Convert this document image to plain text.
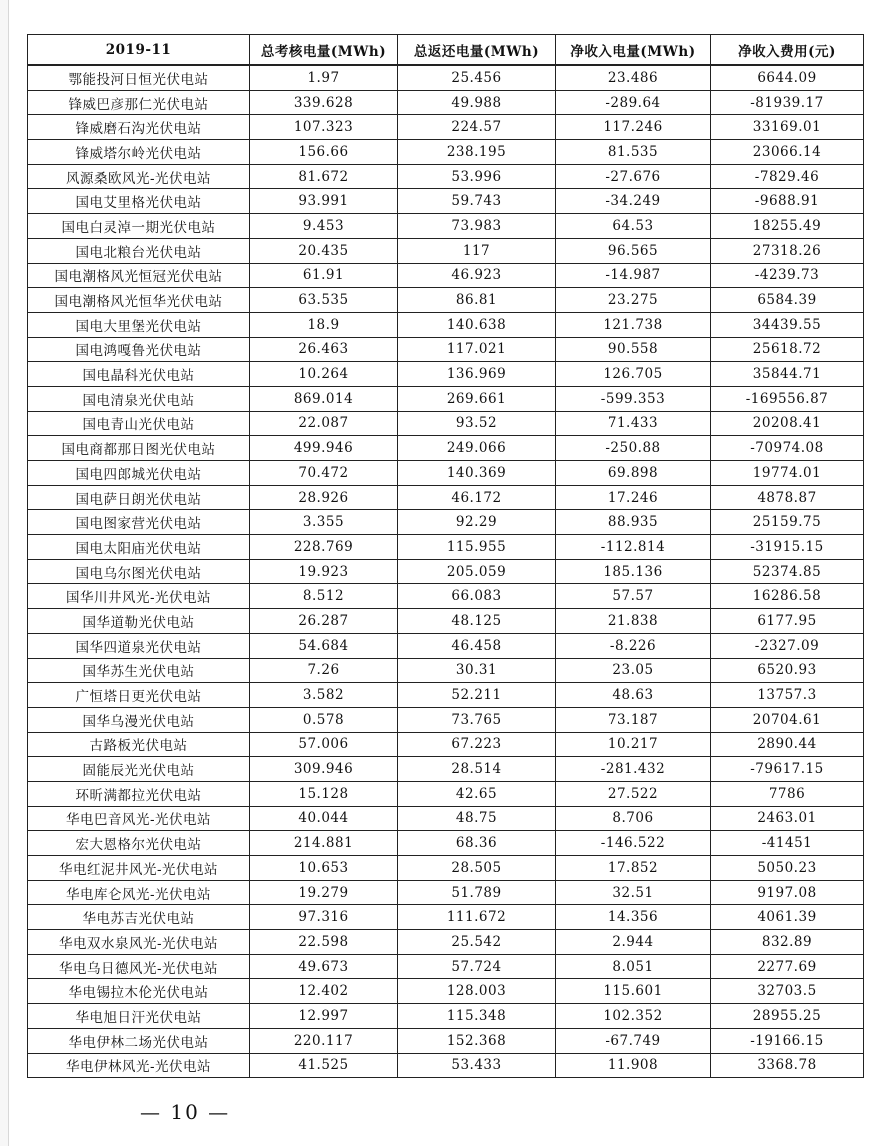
2019-11	总考核电量(MWh)	总返还电量(MWh)	净收入电量(MWh)	净收入费用(元)
鄂能投河日恒光伏电站	1.97	25.456	23.486	6644.09
锋威巴彦那仁光伏电站	339.628	49.988	-289.64	-81939.17
锋威磨石沟光伏电站	107.323	224.57	117.246	33169.01
锋威塔尔岭光伏电站	156.66	238.195	81.535	23066.14
风源桑欧风光-光伏电站	81.672	53.996	-27.676	-7829.46
国电艾里格光伏电站	93.991	59.743	-34.249	-9688.91
国电白灵淖一期光伏电站	9.453	73.983	64.53	18255.49
国电北粮台光伏电站	20.435	117	96.565	27318.26
国电潮格风光恒冠光伏电站	61.91	46.923	-14.987	-4239.73
国电潮格风光恒华光伏电站	63.535	86.81	23.275	6584.39
国电大里堡光伏电站	18.9	140.638	121.738	34439.55
国电鸿嘎鲁光伏电站	26.463	117.021	90.558	25618.72
国电晶科光伏电站	10.264	136.969	126.705	35844.71
国电清泉光伏电站	869.014	269.661	-599.353	-169556.87
国电青山光伏电站	22.087	93.52	71.433	20208.41
国电商都那日图光伏电站	499.946	249.066	-250.88	-70974.08
国电四郎城光伏电站	70.472	140.369	69.898	19774.01
国电萨日朗光伏电站	28.926	46.172	17.246	4878.87
国电图家营光伏电站	3.355	92.29	88.935	25159.75
国电太阳庙光伏电站	228.769	115.955	-112.814	-31915.15
国电乌尔图光伏电站	19.923	205.059	185.136	52374.85
国华川井风光-光伏电站	8.512	66.083	57.57	16286.58
国华道勒光伏电站	26.287	48.125	21.838	6177.95
国华四道泉光伏电站	54.684	46.458	-8.226	-2327.09
国华苏生光伏电站	7.26	30.31	23.05	6520.93
广恒塔日更光伏电站	3.582	52.211	48.63	13757.3
国华乌漫光伏电站	0.578	73.765	73.187	20704.61
古路板光伏电站	57.006	67.223	10.217	2890.44
固能辰光光伏电站	309.946	28.514	-281.432	-79617.15
环昕满都拉光伏电站	15.128	42.65	27.522	7786
华电巴音风光-光伏电站	40.044	48.75	8.706	2463.01
宏大恩格尔光伏电站	214.881	68.36	-146.522	-41451
华电红泥井风光-光伏电站	10.653	28.505	17.852	5050.23
华电库仑风光-光伏电站	19.279	51.789	32.51	9197.08
华电苏吉光伏电站	97.316	111.672	14.356	4061.39
华电双水泉风光-光伏电站	22.598	25.542	2.944	832.89
华电乌日德风光-光伏电站	49.673	57.724	8.051	2277.69
华电锡拉木伦光伏电站	12.402	128.003	115.601	32703.5
华电旭日汗光伏电站	12.997	115.348	102.352	28955.25
华电伊林二场光伏电站	220.117	152.368	-67.749	-19166.15
华电伊林风光-光伏电站	41.525	53.433	11.908	3368.78
— 10 —
